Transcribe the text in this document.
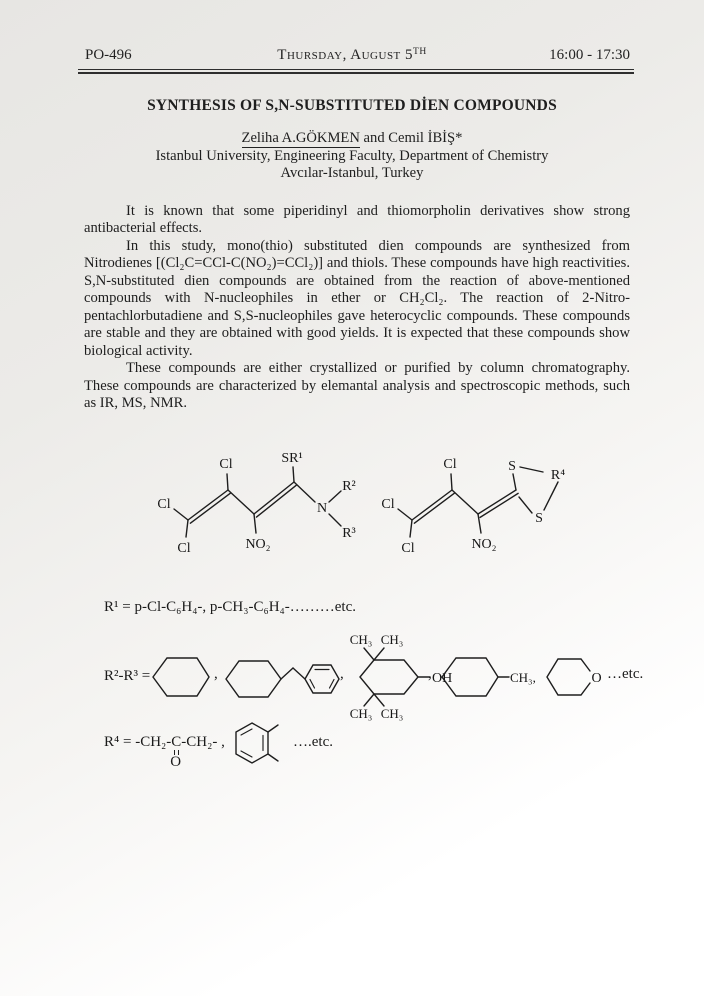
PO-496	Thursday, August 5TH	16:00 - 17:30
SYNTHESIS OF S,N-SUBSTITUTED DİEN COMPOUNDS
Zeliha A.GÖKMEN and Cemil İBİŞ*
Istanbul University, Engineering Faculty, Department of Chemistry
Avcılar-Istanbul, Turkey

It is known that some piperidinyl and thiomorpholin derivatives show strong antibacterial effects.

In this study, mono(thio) substituted dien compounds are synthesized from Nitrodienes [(Cl₂C=CCl-C(NO₂)=CCl₂)] and thiols. These compounds have high reactivities. S,N-substituted dien compounds are obtained from the reaction of above-mentioned compounds with N-nucleophiles in ether or CH₂Cl₂. The reaction of 2-Nitro-pentachlorbutadiene and S,S-nucleophiles gave heterocyclic compounds. These compounds are stable and they are obtained with good yields. It is expected that these compounds show biological activity.

These compounds are either crystallized or purified by column chromatography. These compounds are characterized by elemantal analysis and spectroscopic methods, such as IR, MS, NMR.

Cl
Cl
Cl
NO₂
SR¹
N
R²
R³
Cl
Cl
Cl
NO₂
S
S
R⁴
R¹ = p-Cl-C₆H₄-, p-CH₃-C₆H₄-………etc.
R²-R³ =	,	,
CH₃ CH₃
CH₃ CH₃
OH
,	CH₃,	O …etc.
R⁴ = -CH₂-C
O
-CH₂- ,	….etc.
